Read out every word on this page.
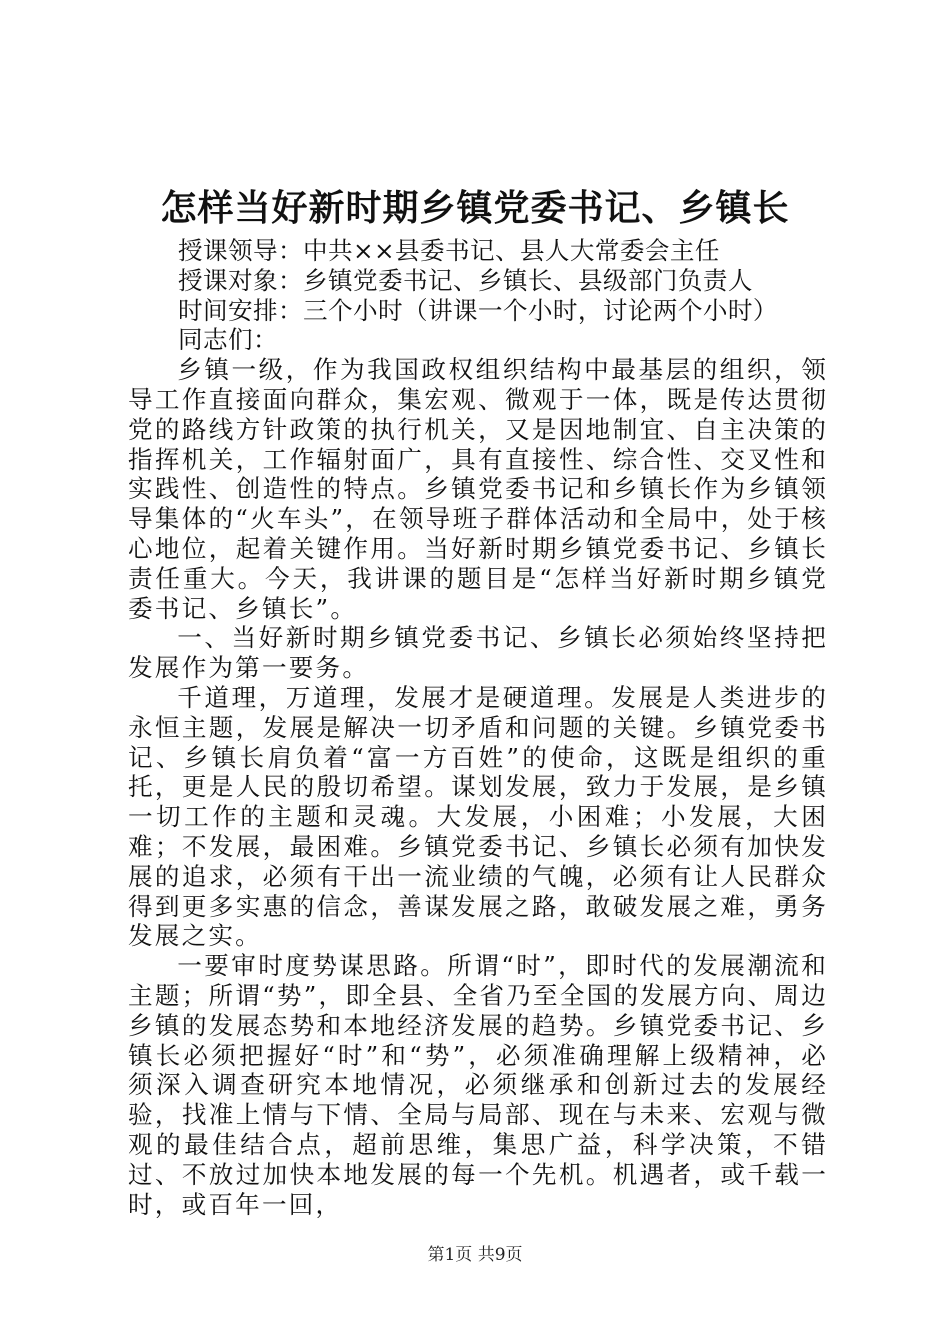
怎样当好新时期乡镇党委书记、乡镇长

授课领导：中共××县委书记、县人大常委会主任

授课对象：乡镇党委书记、乡镇长、县级部门负责人

时间安排：三个小时（讲课一个小时，讨论两个小时）

同志们：

乡镇一级，作为我国政权组织结构中最基层的组织，领导工作直接面向群众，集宏观、微观于一体，既是传达贯彻党的路线方针政策的执行机关，又是因地制宜、自主决策的指挥机关，工作辐射面广，具有直接性、综合性、交叉性和实践性、创造性的特点。乡镇党委书记和乡镇长作为乡镇领导集体的“火车头”，在领导班子群体活动和全局中，处于核心地位，起着关键作用。当好新时期乡镇党委书记、乡镇长责任重大。今天，我讲课的题目是“怎样当好新时期乡镇党委书记、乡镇长”。

一、当好新时期乡镇党委书记、乡镇长必须始终坚持把发展作为第一要务。

千道理，万道理，发展才是硬道理。发展是人类进步的永恒主题，发展是解决一切矛盾和问题的关键。乡镇党委书记、乡镇长肩负着“富一方百姓”的使命，这既是组织的重托，更是人民的殷切希望。谋划发展，致力于发展，是乡镇一切工作的主题和灵魂。大发展，小困难；小发展，大困难；不发展，最困难。乡镇党委书记、乡镇长必须有加快发展的追求，必须有干出一流业绩的气魄，必须有让人民群众得到更多实惠的信念，善谋发展之路，敢破发展之难，勇务发展之实。

一要审时度势谋思路。所谓“时”，即时代的发展潮流和主题；所谓“势”，即全县、全省乃至全国的发展方向、周边乡镇的发展态势和本地经济发展的趋势。乡镇党委书记、乡镇长必须把握好“时”和“势”，必须准确理解上级精神，必须深入调查研究本地情况，必须继承和创新过去的发展经验，找准上情与下情、全局与局部、现在与未来、宏观与微观的最佳结合点，超前思维，集思广益，科学决策，不错过、不放过加快本地发展的每一个先机。机遇者，或千载一时，或百年一回，

第1页 共9页
